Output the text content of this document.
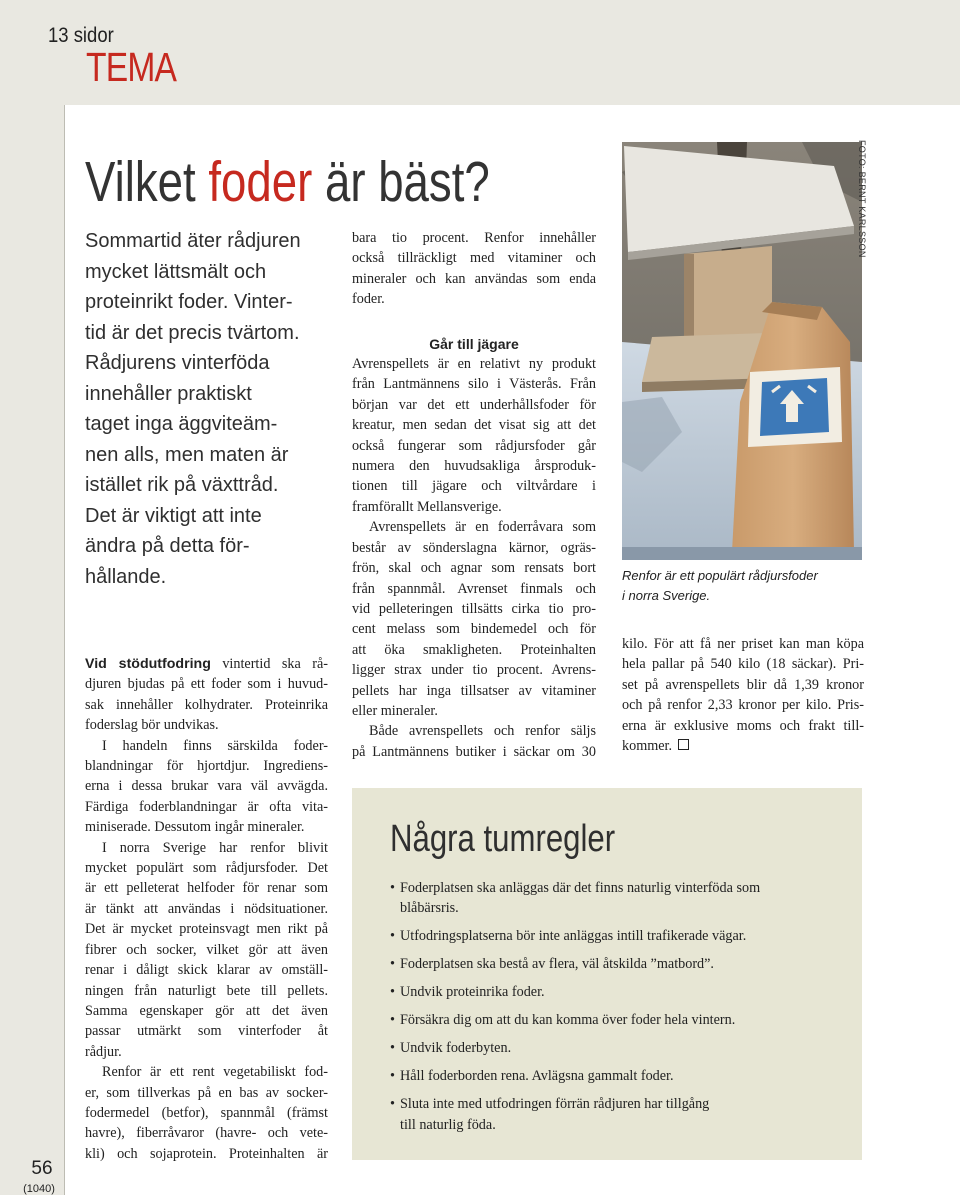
13 sidor
TEMA
56
(1040)
Vilket foder är bäst?
Sommartid äter rådjuren
mycket lättsmält och
proteinrikt foder. Vinter-
tid är det precis tvärtom.
Rådjurens vinterföda
innehåller praktiskt
taget inga äggviteäm-
nen alls, men maten är
istället rik på växttråd.
Det är viktigt att inte
ändra på detta för-
hållande.

Vid stödutfodring vintertid ska rå-
djuren bjudas på ett foder som i huvud-
sak innehåller kolhydrater. Proteinrika
foderslag bör undvikas.

I handeln finns särskilda foder-
blandningar för hjortdjur. Ingrediens-
erna i dessa brukar vara väl avvägda.
Färdiga foderblandningar är ofta vita-
miniserade. Dessutom ingår mineraler.

I norra Sverige har renfor blivit
mycket populärt som rådjursfoder. Det
är ett pelleterat helfoder för renar som
är tänkt att användas i nödsituationer.
Det är mycket proteinsvagt men rikt på
fibrer och socker, vilket gör att även
renar i dåligt skick klarar av omställ-
ningen från naturligt bete till pellets.
Samma egenskaper gör att det även
passar utmärkt som vinterfoder åt
rådjur.

Renfor är ett rent vegetabiliskt fod-
er, som tillverkas på en bas av socker-
fodermedel (betfor), spannmål (främst
havre), fiberråvaror (havre- och vete-
kli) och sojaprotein. Proteinhalten är

bara tio procent. Renfor innehåller
också tillräckligt med vitaminer och
mineraler och kan användas som enda
foder.

Går till jägare

Avrenspellets är en relativt ny produkt
från Lantmännens silo i Västerås. Från
början var det ett underhållsfoder för
kreatur, men sedan det visat sig att det
också fungerar som rådjursfoder går
numera den huvudsakliga årsproduk-
tionen till jägare och viltvårdare i
framförallt Mellansverige.

Avrenspellets är en foderråvara som
består av sönderslagna kärnor, ogräs-
frön, skal och agnar som rensats bort
från spannmål. Avrenset finmals och
vid pelleteringen tillsätts cirka tio pro-
cent melass som bindemedel och för
att öka smakligheten. Proteinhalten
ligger strax under tio procent. Avrens-
pellets har inga tillsatser av vitaminer
eller mineraler.

Både avrenspellets och renfor säljs
på Lantmännens butiker i säckar om 30

FOTO: BERNT KARLSSON
Renfor är ett populärt rådjursfoder
i norra Sverige.

kilo. För att få ner priset kan man köpa
hela pallar på 540 kilo (18 säckar). Pri-
set på avrenspellets blir då 1,39 kronor
och på renfor 2,33 kronor per kilo. Pris-
erna är exklusive moms och frakt till-
kommer.

Några tumregler
• Foderplatsen ska anläggas där det finns naturlig vinterföda som
blåbärsris.
• Utfodringsplatserna bör inte anläggas intill trafikerade vägar.
• Foderplatsen ska bestå av flera, väl åtskilda ”matbord”.
• Undvik proteinrika foder.
• Försäkra dig om att du kan komma över foder hela vintern.
• Undvik foderbyten.
• Håll foderborden rena. Avlägsna gammalt foder.
• Sluta inte med utfodringen förrän rådjuren har tillgång
till naturlig föda.
